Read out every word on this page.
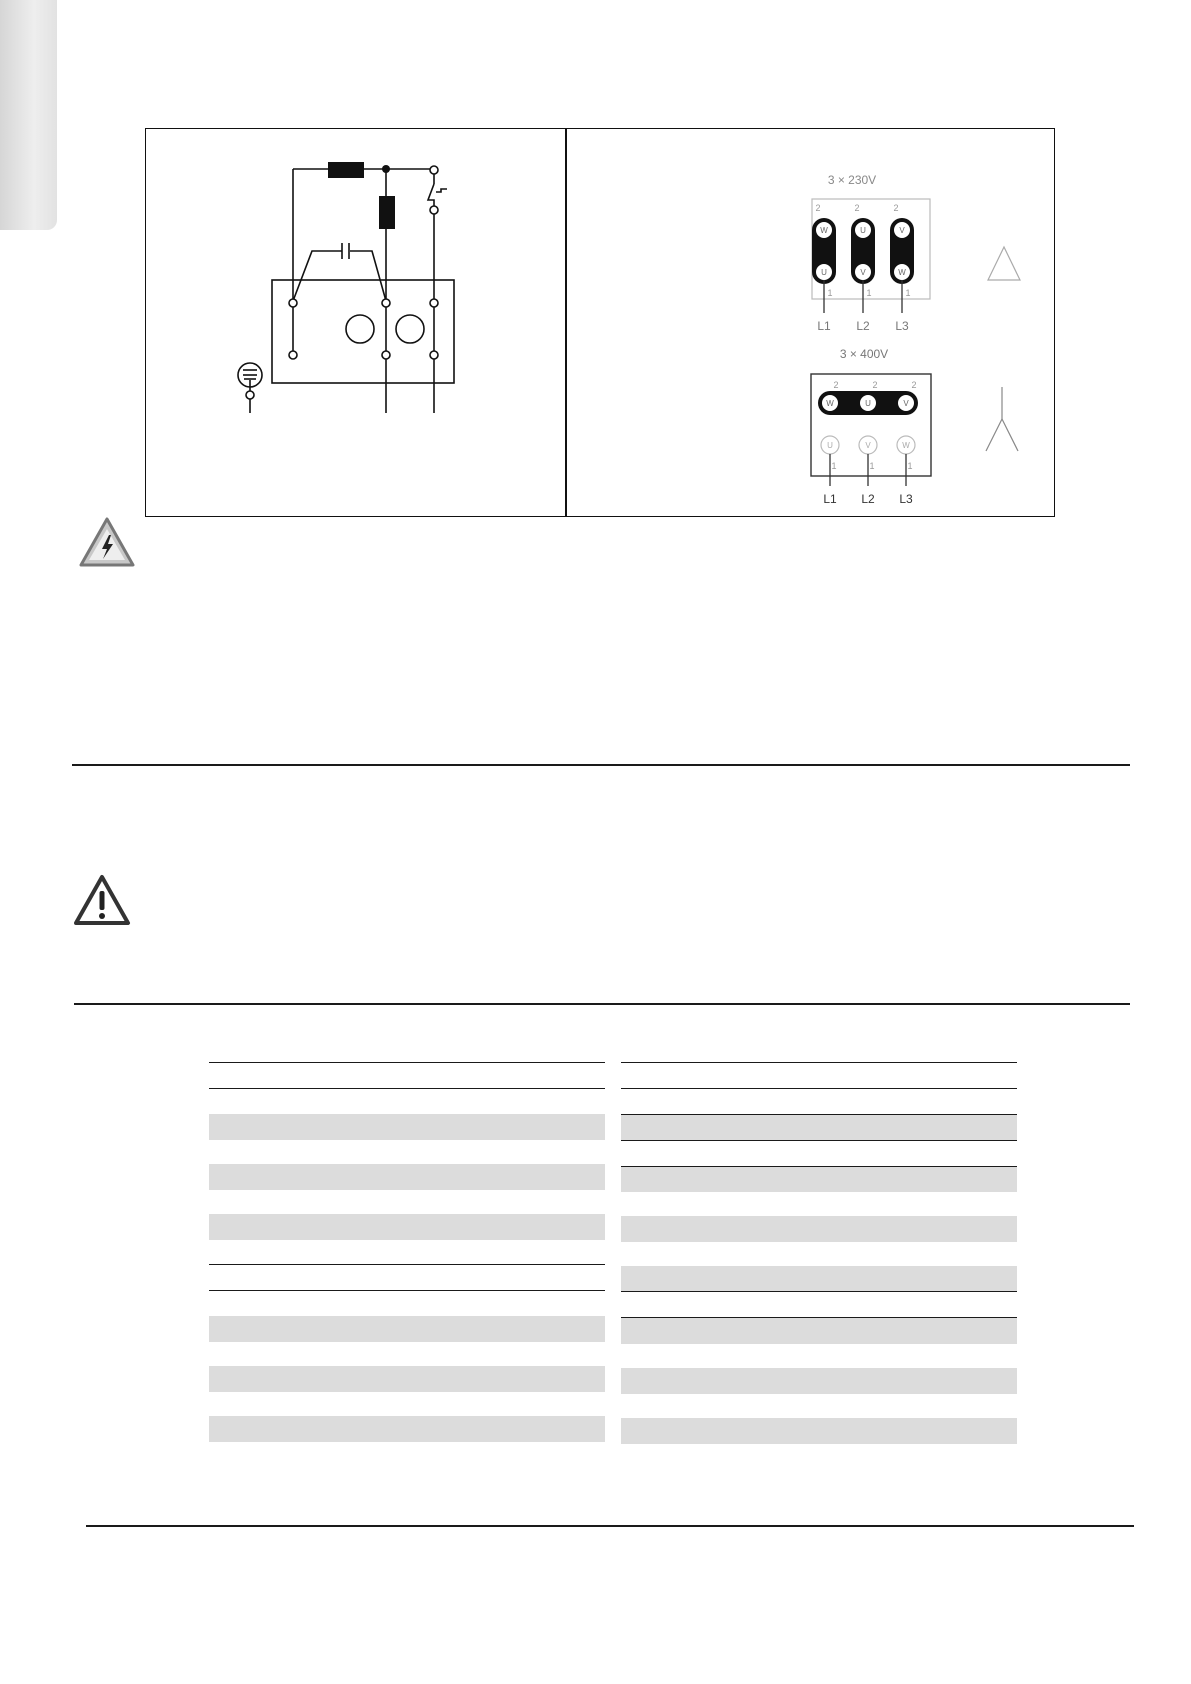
3 × 230V
2	2	2
W	U	V
U	V	W
1	1	1
L1 L2 L3
3 × 400V
2	2	2
W	U	V
U	V	W
1	1	1
L1 L2 L3
